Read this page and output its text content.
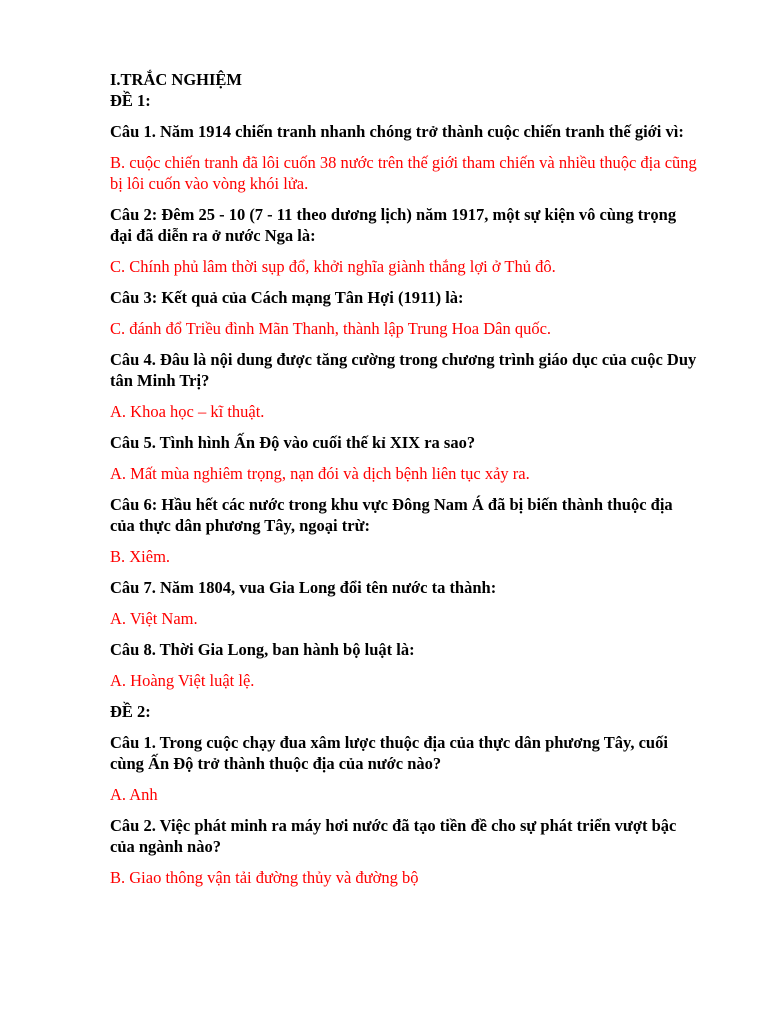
I.TRẮC NGHIỆM

ĐỀ 1:

Câu 1. Năm 1914 chiến tranh nhanh chóng trở thành cuộc chiến tranh thế giới vì:

B. cuộc chiến tranh đã lôi cuốn 38 nước trên thế giới tham chiến và nhiều thuộc địa cũng bị lôi cuốn vào vòng khói lửa.

Câu 2: Đêm 25 - 10 (7 - 11 theo dương lịch) năm 1917, một sự kiện vô cùng trọng đại đã diễn ra ở nước Nga là:

C. Chính phủ lâm thời sụp đổ, khởi nghĩa giành thắng lợi ở Thủ đô.

Câu 3: Kết quả của Cách mạng Tân Hợi (1911) là:

C. đánh đổ Triều đình Mãn Thanh, thành lập Trung Hoa Dân quốc.

Câu 4. Đâu là nội dung được tăng cường trong chương trình giáo dục của cuộc Duy tân Minh Trị?

A. Khoa học – kĩ thuật.

Câu 5. Tình hình Ấn Độ vào cuối thế kỉ XIX ra sao?

A. Mất mùa nghiêm trọng, nạn đói và dịch bệnh liên tục xảy ra.

Câu 6: Hầu hết các nước trong khu vực Đông Nam Á đã bị biến thành thuộc địa của thực dân phương Tây, ngoại trừ:

B. Xiêm.

Câu 7. Năm 1804, vua Gia Long đổi tên nước ta thành:

A. Việt Nam.

Câu 8. Thời Gia Long, ban hành bộ luật là:

A. Hoàng Việt luật lệ.

ĐỀ 2:

Câu 1. Trong cuộc chạy đua xâm lược thuộc địa của thực dân phương Tây, cuối cùng Ấn Độ trở thành thuộc địa của nước nào?

A. Anh

Câu 2. Việc phát minh ra máy hơi nước đã tạo tiền đề cho sự phát triển vượt bậc của ngành nào?

B. Giao thông vận tải đường thủy và đường bộ
